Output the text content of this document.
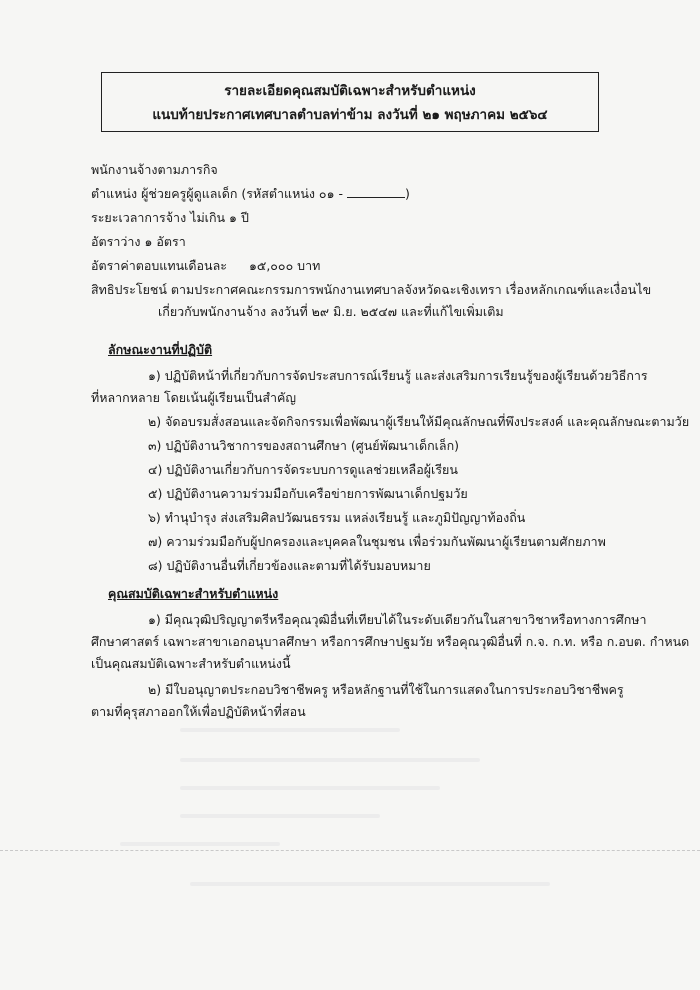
รายละเอียดคุณสมบัติเฉพาะสำหรับตำแหน่ง
แนบท้ายประกาศเทศบาลตำบลท่าข้าม ลงวันที่ ๒๑ พฤษภาคม ๒๕๖๔
พนักงานจ้างตามภารกิจ
ตำแหน่ง ผู้ช่วยครูผู้ดูแลเด็ก (รหัสตำแหน่ง ๐๑ -	)
ระยะเวลาการจ้าง ไม่เกิน ๑ ปี
อัตราว่าง ๑ อัตรา
อัตราค่าตอบแทนเดือนละ ๑๕,๐๐๐ บาท
สิทธิประโยชน์ ตามประกาศคณะกรรมการพนักงานเทศบาลจังหวัดฉะเชิงเทรา เรื่องหลักเกณฑ์และเงื่อนไข
เกี่ยวกับพนักงานจ้าง ลงวันที่ ๒๙ มิ.ย. ๒๕๔๗ และที่แก้ไขเพิ่มเติม
ลักษณะงานที่ปฏิบัติ
๑) ปฏิบัติหน้าที่เกี่ยวกับการจัดประสบการณ์เรียนรู้ และส่งเสริมการเรียนรู้ของผู้เรียนด้วยวิธีการ
ที่หลากหลาย โดยเน้นผู้เรียนเป็นสำคัญ
๒) จัดอบรมสั่งสอนและจัดกิจกรรมเพื่อพัฒนาผู้เรียนให้มีคุณลักษณที่พึงประสงค์ และคุณลักษณะตามวัย
๓) ปฏิบัติงานวิชาการของสถานศึกษา (ศูนย์พัฒนาเด็กเล็ก)
๔) ปฏิบัติงานเกี่ยวกับการจัดระบบการดูแลช่วยเหลือผู้เรียน
๕) ปฏิบัติงานความร่วมมือกับเครือข่ายการพัฒนาเด็กปฐมวัย
๖) ทำนุบำรุง ส่งเสริมศิลปวัฒนธรรม แหล่งเรียนรู้ และภูมิปัญญาท้องถิ่น
๗) ความร่วมมือกับผู้ปกครองและบุคคลในชุมชน เพื่อร่วมกันพัฒนาผู้เรียนตามศักยภาพ
๘) ปฏิบัติงานอื่นที่เกี่ยวข้องและตามที่ได้รับมอบหมาย
คุณสมบัติเฉพาะสำหรับตำแหน่ง
๑) มีคุณวุฒิปริญญาตรีหรือคุณวุฒิอื่นที่เทียบได้ในระดับเดียวกันในสาขาวิชาหรือทางการศึกษา
ศึกษาศาสตร์ เฉพาะสาขาเอกอนุบาลศึกษา หรือการศึกษาปฐมวัย หรือคุณวุฒิอื่นที่ ก.จ. ก.ท. หรือ ก.อบต. กำหนด
เป็นคุณสมบัติเฉพาะสำหรับตำแหน่งนี้
๒) มีใบอนุญาตประกอบวิชาชีพครู หรือหลักฐานที่ใช้ในการแสดงในการประกอบวิชาชีพครู
ตามที่คุรุสภาออกให้เพื่อปฏิบัติหน้าที่สอน
